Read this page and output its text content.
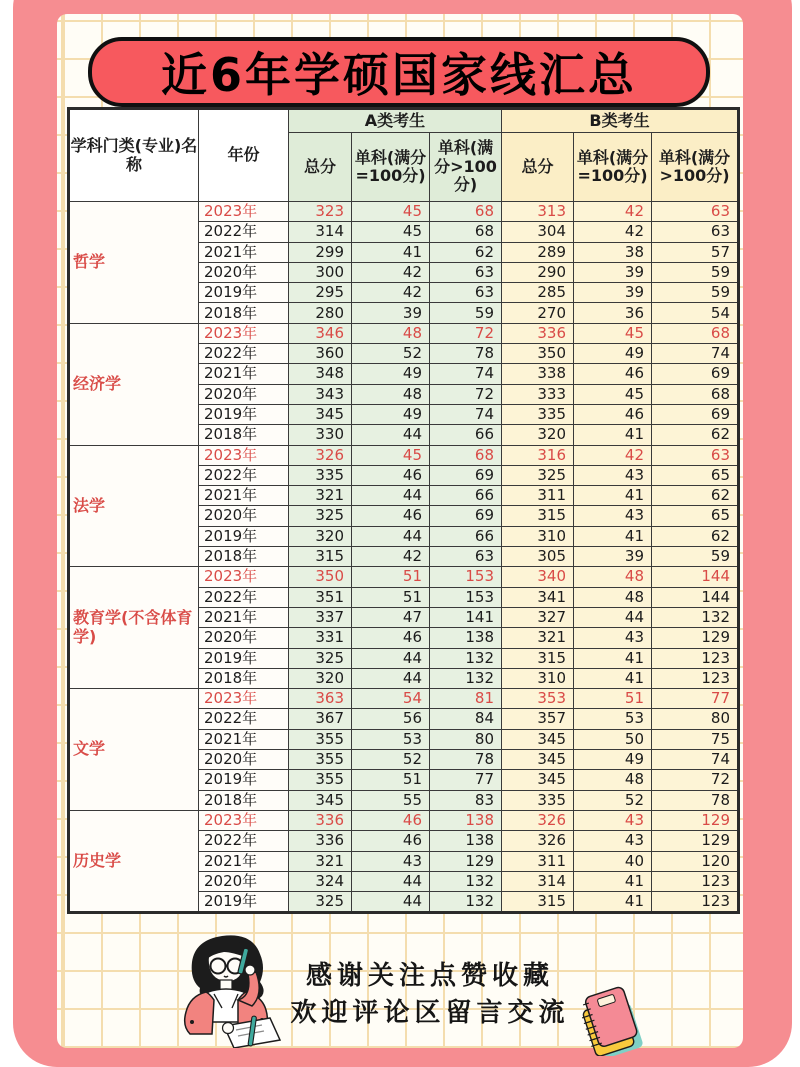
近6年学硕国家线汇总
学科门类(专业)名称	年份	A类考生			B类考生		
		总分	单科(满分=100分)	单科(满分>100分)	总分	单科(满分=100分)	单科(满分>100分)
哲学	2023年	323	45	68	313	42	63
	2022年	314	45	68	304	42	63
	2021年	299	41	62	289	38	57
	2020年	300	42	63	290	39	59
	2019年	295	42	63	285	39	59
	2018年	280	39	59	270	36	54
经济学	2023年	346	48	72	336	45	68
	2022年	360	52	78	350	49	74
	2021年	348	49	74	338	46	69
	2020年	343	48	72	333	45	68
	2019年	345	49	74	335	46	69
	2018年	330	44	66	320	41	62
法学	2023年	326	45	68	316	42	63
	2022年	335	46	69	325	43	65
	2021年	321	44	66	311	41	62
	2020年	325	46	69	315	43	65
	2019年	320	44	66	310	41	62
	2018年	315	42	63	305	39	59
教育学(不含体育学)	2023年	350	51	153	340	48	144
	2022年	351	51	153	341	48	144
	2021年	337	47	141	327	44	132
	2020年	331	46	138	321	43	129
	2019年	325	44	132	315	41	123
	2018年	320	44	132	310	41	123
文学	2023年	363	54	81	353	51	77
	2022年	367	56	84	357	53	80
	2021年	355	53	80	345	50	75
	2020年	355	52	78	345	49	74
	2019年	355	51	77	345	48	72
	2018年	345	55	83	335	52	78
历史学	2023年	336	46	138	326	43	129
	2022年	336	46	138	326	43	129
	2021年	321	43	129	311	40	120
	2020年	324	44	132	314	41	123
	2019年	325	44	132	315	41	123
感谢关注点赞收藏
欢迎评论区留言交流
